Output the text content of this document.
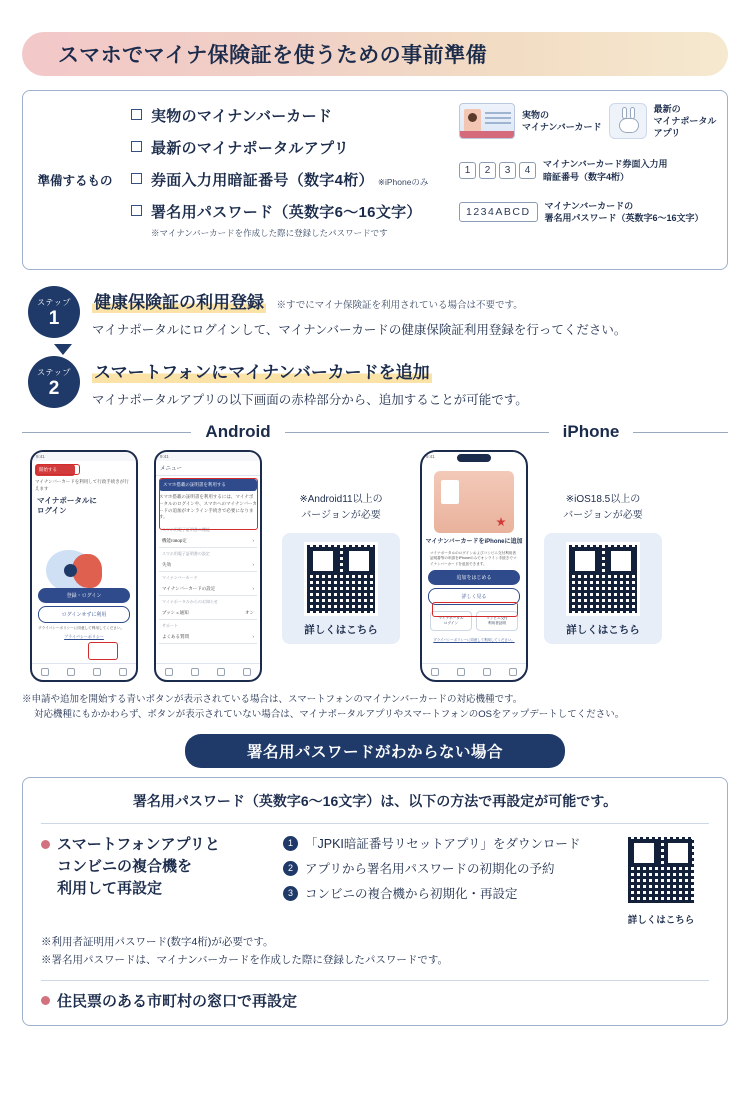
スマホでマイナ保険証を使うための事前準備
準備するもの
実物のマイナンバーカード
最新のマイナポータルアプリ
券面入力用暗証番号（数字4桁） ※iPhoneのみ
署名用パスワード（英数字6〜16文字）
※マイナンバーカードを作成した際に登録したパスワードです
実物の
マイナンバーカード
最新の
マイナポータル
アプリ
1	2	3	4
マイナンバーカード券面入力用
暗証番号（数字4桁）
1234ABCD
マイナンバーカードの
署名用パスワード（英数字6〜16文字）
ステップ
1
健康保険証の利用登録 ※すでにマイナ保険証を利用されている場合は不要です。
マイナポータルにログインして、マイナンバーカードの健康保険証利用登録を行ってください。
ステップ
2
スマートフォンにマイナンバーカードを追加
マイナポータルアプリの以下画面の赤枠部分から、追加することが可能です。
Android	iPhone
9:41
開始する
マイナンバーカードを利用して行政手続きが行えます
マイナポータルに
ログイン
登録・ログイン
ログインせずに利用
プライバシーポリシーに同意して利用してください。
プライバシーポリシー
9:41
メニュー
スマホ搭載の証明書を利用する
スマホ搭載の証明書を利用するには、マイナポータルのログインや、スマホへのマイナンバーカードの追加がオンライン手続きで必要になります。
スマホ用電子証明書の機能
機能говор定	›
スマホ用電子証明書の設定
失効	›
マイナンバーカード
マイナンバーカードの設定	›
マイナポータルからのお知らせ
プッシュ通知	オン
サポート
よくある質問	›
※Android11以上の
バージョンが必要
詳しくはこちら
9:41
マイナンバーカードをiPhoneに追加
マイナポータルのログインおよびコンビニ交付利用者証明書等の申請をiPhoneのみでオンライン手続きでマイナンバーカードを追加できます。
追加をはじめる
詳しく見る
マイナポータル
ログイン
コンビニ交付
利用者証明
プライバシーポリシーに同意して利用してください。
※iOS18.5以上の
バージョンが必要
詳しくはこちら
※申請や追加を開始する青いボタンが表示されている場合は、スマートフォンのマイナンバーカードの対応機種です。
対応機種にもかかわらず、ボタンが表示されていない場合は、マイナポータルアプリやスマートフォンのOSをアップデートしてください。
署名用パスワードがわからない場合
署名用パスワード（英数字6〜16文字）は、以下の方法で再設定が可能です。
スマートフォンアプリと
コンビニの複合機を
利用して再設定
1 「JPKI暗証番号リセットアプリ」をダウンロード
2 アプリから署名用パスワードの初期化の予約
3 コンビニの複合機から初期化・再設定
詳しくはこちら
※利用者証明用パスワード(数字4桁)が必要です。
※署名用パスワードは、マイナンバーカードを作成した際に登録したパスワードです。
住民票のある市町村の窓口で再設定
